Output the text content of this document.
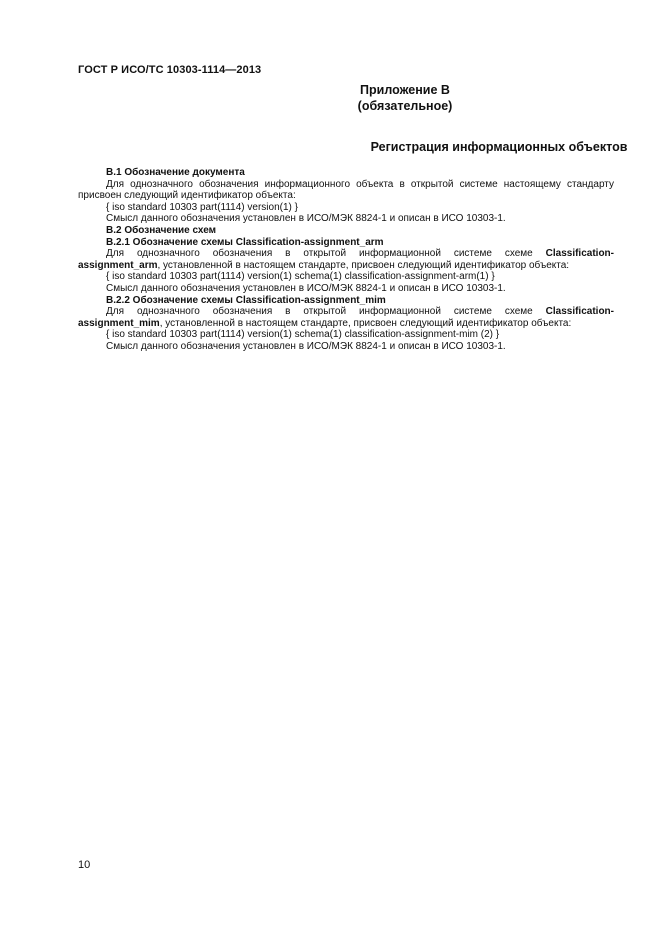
ГОСТ Р ИСО/ТС 10303-1114—2013
Приложение В
(обязательное)
Регистрация информационных объектов

В.1 Обозначение документа

Для однозначного обозначения информационного объекта в открытой системе настоящему стандарту присвоен следующий идентификатор объекта:

{ iso standard 10303 part(1114) version(1) }

Смысл данного обозначения установлен в ИСО/МЭК 8824-1 и описан в ИСО 10303-1.

В.2 Обозначение схем

В.2.1 Обозначение схемы Classification-assignment_arm

Для однозначного обозначения в открытой информационной системе схеме Classification-assignment_arm, установленной в настоящем стандарте, присвоен следующий идентификатор объекта:

{ iso standard 10303 part(1114) version(1) schema(1) classification-assignment-arm(1) }

Смысл данного обозначения установлен в ИСО/МЭК 8824-1 и описан в ИСО 10303-1.

В.2.2 Обозначение схемы Classification-assignment_mim

Для однозначного обозначения в открытой информационной системе схеме Classification-assignment_mim, установленной в настоящем стандарте, присвоен следующий идентификатор объекта:

{ iso standard 10303 part(1114) version(1) schema(1) classification-assignment-mim (2) }

Смысл данного обозначения установлен в ИСО/МЭК 8824-1 и описан в ИСО 10303-1.

10
